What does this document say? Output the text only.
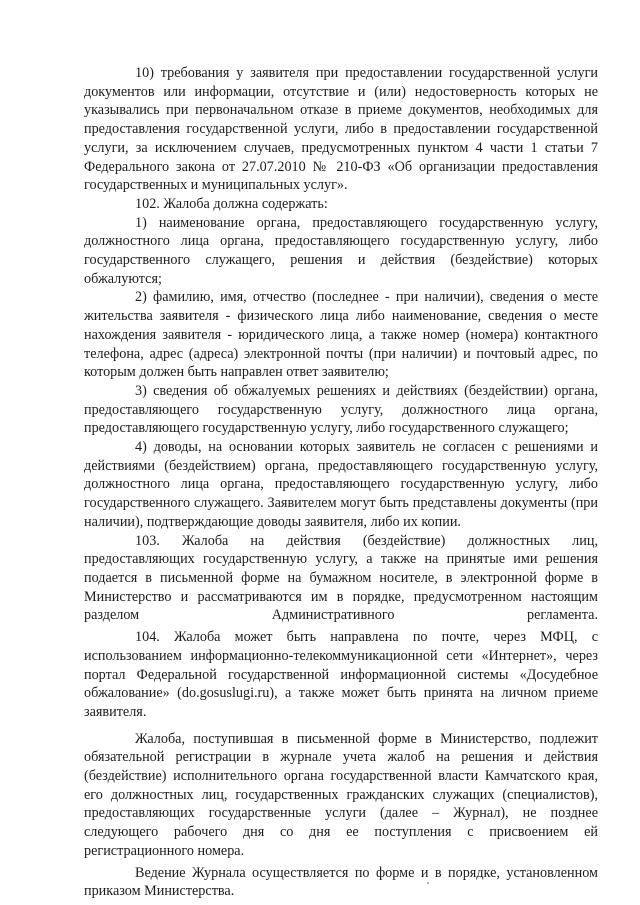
10) требования у заявителя при предоставлении государственной услуги документов или информации, отсутствие и (или) недостоверность которых не указывались при первоначальном отказе в приеме документов, необходимых для предоставления государственной услуги, либо в предоставлении государственной услуги, за исключением случаев, предусмотренных пунктом 4 части 1 статьи 7 Федерального закона от 27.07.2010 № 210-ФЗ «Об организации предоставления государственных и муниципальных услуг».

102. Жалоба должна содержать:

1) наименование органа, предоставляющего государственную услугу, должностного лица органа, предоставляющего государственную услугу, либо государственного служащего, решения и действия (бездействие) которых обжалуются;

2) фамилию, имя, отчество (последнее - при наличии), сведения о месте жительства заявителя - физического лица либо наименование, сведения о месте нахождения заявителя - юридического лица, а также номер (номера) контактного телефона, адрес (адреса) электронной почты (при наличии) и почтовый адрес, по которым должен быть направлен ответ заявителю;

3) сведения об обжалуемых решениях и действиях (бездействии) органа, предоставляющего государственную услугу, должностного лица органа, предоставляющего государственную услугу, либо государственного служащего;

4) доводы, на основании которых заявитель не согласен с решениями и действиями (бездействием) органа, предоставляющего государственную услугу, должностного лица органа, предоставляющего государственную услугу, либо государственного служащего. Заявителем могут быть представлены документы (при наличии), подтверждающие доводы заявителя, либо их копии.

103. Жалоба на действия (бездействие) должностных лиц, предоставляющих государственную услугу, а также на принятые ими решения подается в письменной форме на бумажном носителе, в электронной форме в Министерство и рассматриваются им в порядке, предусмотренном настоящим разделом Административного регламента.

104. Жалоба может быть направлена по почте, через МФЦ, с использованием информационно-телекоммуникационной сети «Интернет», через портал Федеральной государственной информационной системы «Досудебное обжалование» (do.gosuslugi.ru), а также может быть принята на личном приеме заявителя.

Жалоба, поступившая в письменной форме в Министерство, подлежит обязательной регистрации в журнале учета жалоб на решения и действия (бездействие) исполнительного органа государственной власти Камчатского края, его должностных лиц, государственных гражданских служащих (специалистов), предоставляющих государственные услуги (далее – Журнал), не позднее следующего рабочего дня со дня ее поступления с присвоением ей регистрационного номера.

Ведение Журнала осуществляется по форме и в порядке, установленном приказом Министерства.
